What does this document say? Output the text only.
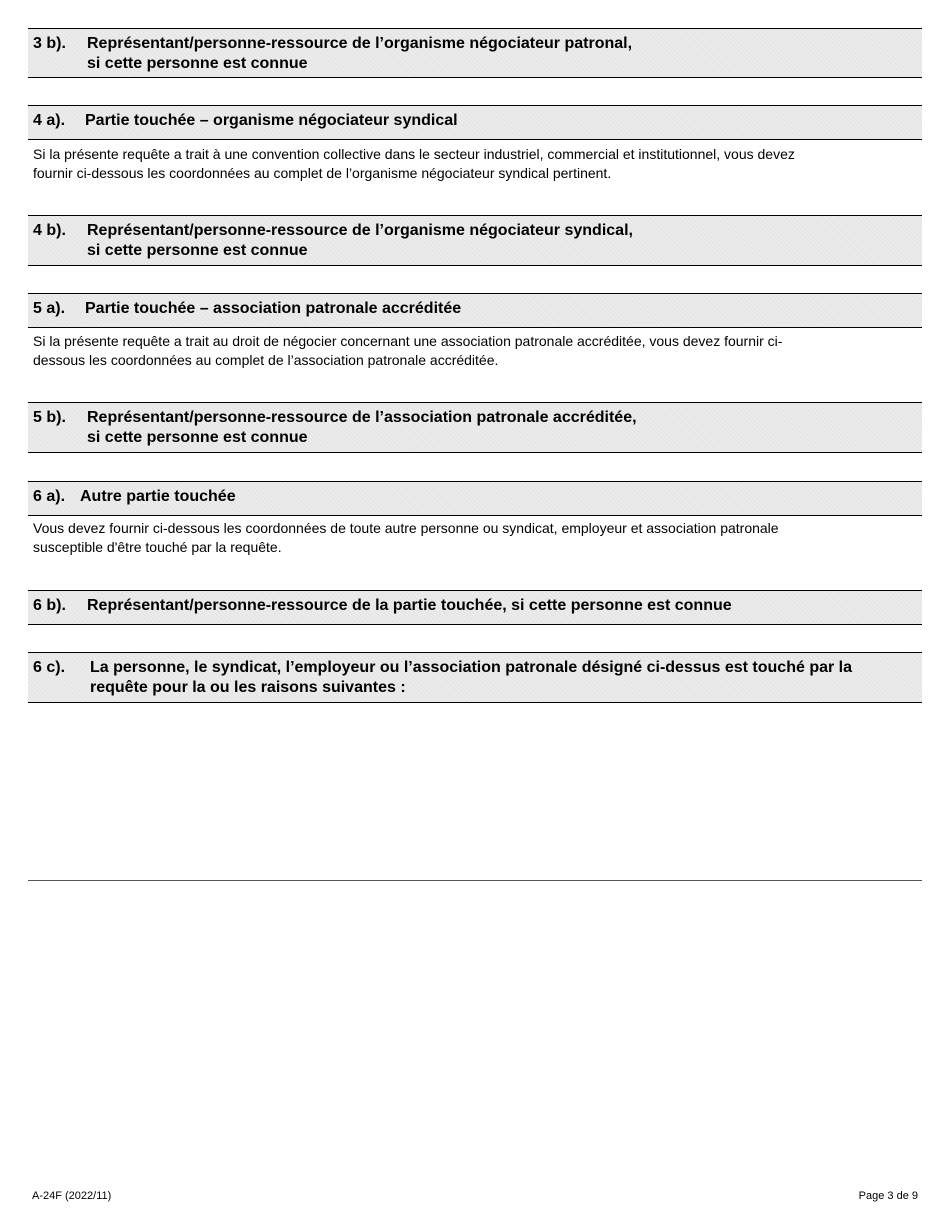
3 b). Représentant/personne-ressource de l’organisme négociateur patronal,
si cette personne est connue
4 a). Partie touchée – organisme négociateur syndical
Si la présente requête a trait à une convention collective dans le secteur industriel, commercial et institutionnel, vous devez
fournir ci-dessous les coordonnées au complet de l’organisme négociateur syndical pertinent.
4 b). Représentant/personne-ressource de l’organisme négociateur syndical,
si cette personne est connue
5 a). Partie touchée – association patronale accréditée
Si la présente requête a trait au droit de négocier concernant une association patronale accréditée, vous devez fournir ci-
dessous les coordonnées au complet de l’association patronale accréditée.
5 b). Représentant/personne-ressource de l’association patronale accréditée,
si cette personne est connue
6 a). Autre partie touchée
Vous devez fournir ci-dessous les coordonnées de toute autre personne ou syndicat, employeur et association patronale
susceptible d'être touché par la requête.
6 b). Représentant/personne-ressource de la partie touchée, si cette personne est connue
6 c). La personne, le syndicat, l’employeur ou l’association patronale désigné ci-dessus est touché par la
requête pour la ou les raisons suivantes :
A-24F (2022/11)	Page 3 de 9
